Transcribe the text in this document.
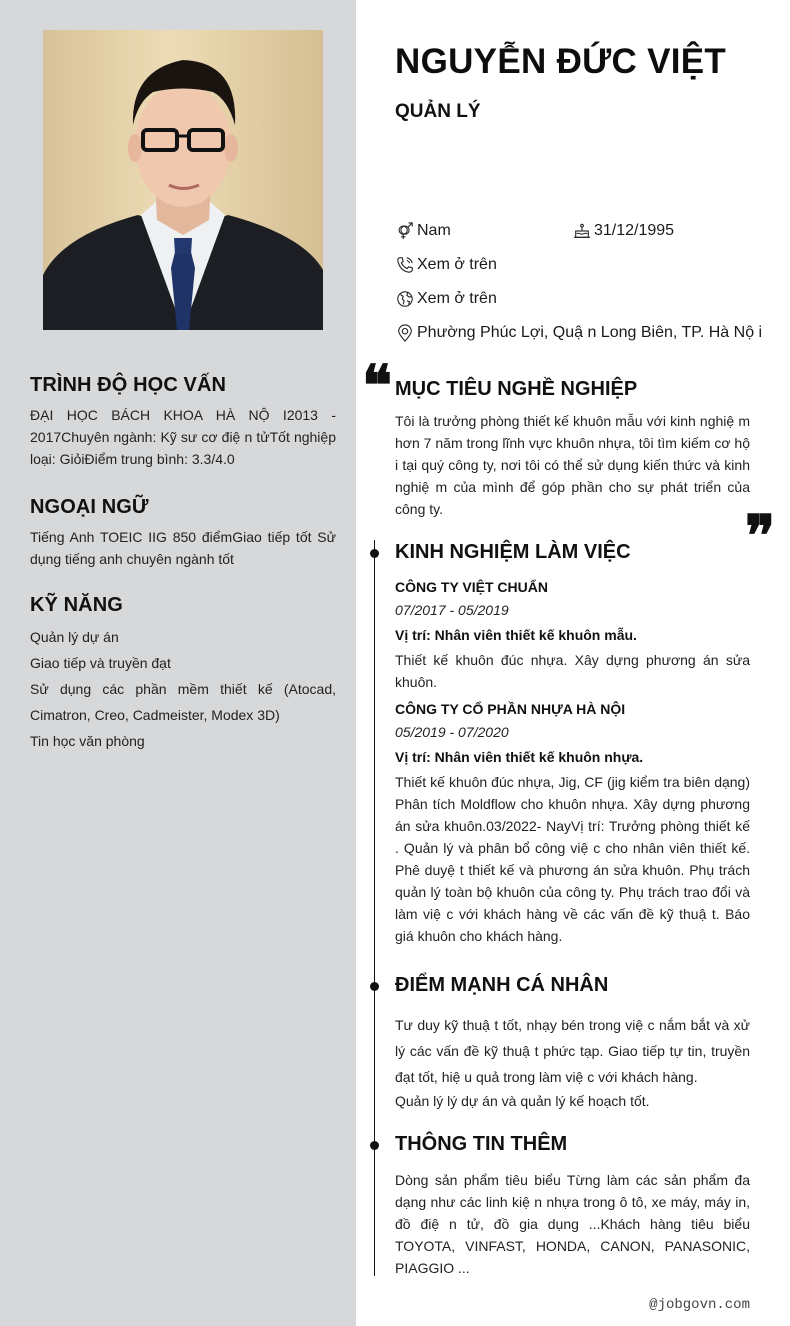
TRÌNH ĐỘ HỌC VẤN

ĐẠI HỌC BÁCH KHOA HÀ NỘ I2013 - 2017Chuyên ngành: Kỹ sư cơ điệ n tửTốt nghiệp loại: GiỏiĐiểm trung bình: 3.3/4.0

NGOẠI NGỮ

Tiếng Anh TOEIC IIG 850 điểmGiao tiếp tốt Sử dụng tiếng anh chuyên ngành tốt

KỸ NĂNG
Quản lý dự án
Giao tiếp và truyền đạt
Sử dụng các phần mềm thiết kế (Atocad, Cimatron, Creo, Cadmeister, Modex 3D)
Tin học văn phòng
NGUYỄN ĐỨC VIỆT
QUẢN LÝ
Nam	31/12/1995
Xem ở trên
Xem ở trên
Phường Phúc Lợi, Quậ n Long Biên, TP. Hà Nộ i
❝
❞
MỤC TIÊU NGHỀ NGHIỆP

Tôi là trưởng phòng thiết kế khuôn mẫu với kinh nghiệ m hơn 7 năm trong lĩnh vực khuôn nhựa, tôi tìm kiếm cơ hộ i tại quý công ty, nơi tôi có thể sử dụng kiến thức và kinh nghiệ m của mình để góp phần cho sự phát triển của công ty.

KINH NGHIỆM LÀM VIỆC
CÔNG TY VIỆT CHUẨN
07/2017 - 05/2019
Vị trí: Nhân viên thiết kế khuôn mẫu.

Thiết kế khuôn đúc nhựa. Xây dựng phương án sửa khuôn.

CÔNG TY CỔ PHẦN NHỰA HÀ NỘI
05/2019 - 07/2020
Vị trí: Nhân viên thiết kế khuôn nhựa.

Thiết kế khuôn đúc nhựa, Jig, CF (jig kiểm tra biên dạng) Phân tích Moldflow cho khuôn nhựa. Xây dựng phương án sửa khuôn.03/2022- NayVị trí: Trưởng phòng thiết kế . Quản lý và phân bổ công việ c cho nhân viên thiết kế. Phê duyệ t thiết kế và phương án sửa khuôn. Phụ trách quản lý toàn bộ khuôn của công ty. Phụ trách trao đổi và làm việ c với khách hàng về các vấn đề kỹ thuậ t. Báo giá khuôn cho khách hàng.

ĐIỂM MẠNH CÁ NHÂN

Tư duy kỹ thuậ t tốt, nhạy bén trong việ c nắm bắt và xử lý các vấn đề kỹ thuậ t phức tạp. Giao tiếp tự tin, truyền đạt tốt, hiệ u quả trong làm việ c với khách hàng.

Quản lý lý dự án và quản lý kế hoạch tốt.

THÔNG TIN THÊM

Dòng sản phẩm tiêu biểu Từng làm các sản phẩm đa dạng như các linh kiệ n nhựa trong ô tô, xe máy, máy in, đồ điệ n tử, đồ gia dụng ...Khách hàng tiêu biểu TOYOTA, VINFAST, HONDA, CANON, PANASONIC, PIAGGIO ...

@jobgovn.com
